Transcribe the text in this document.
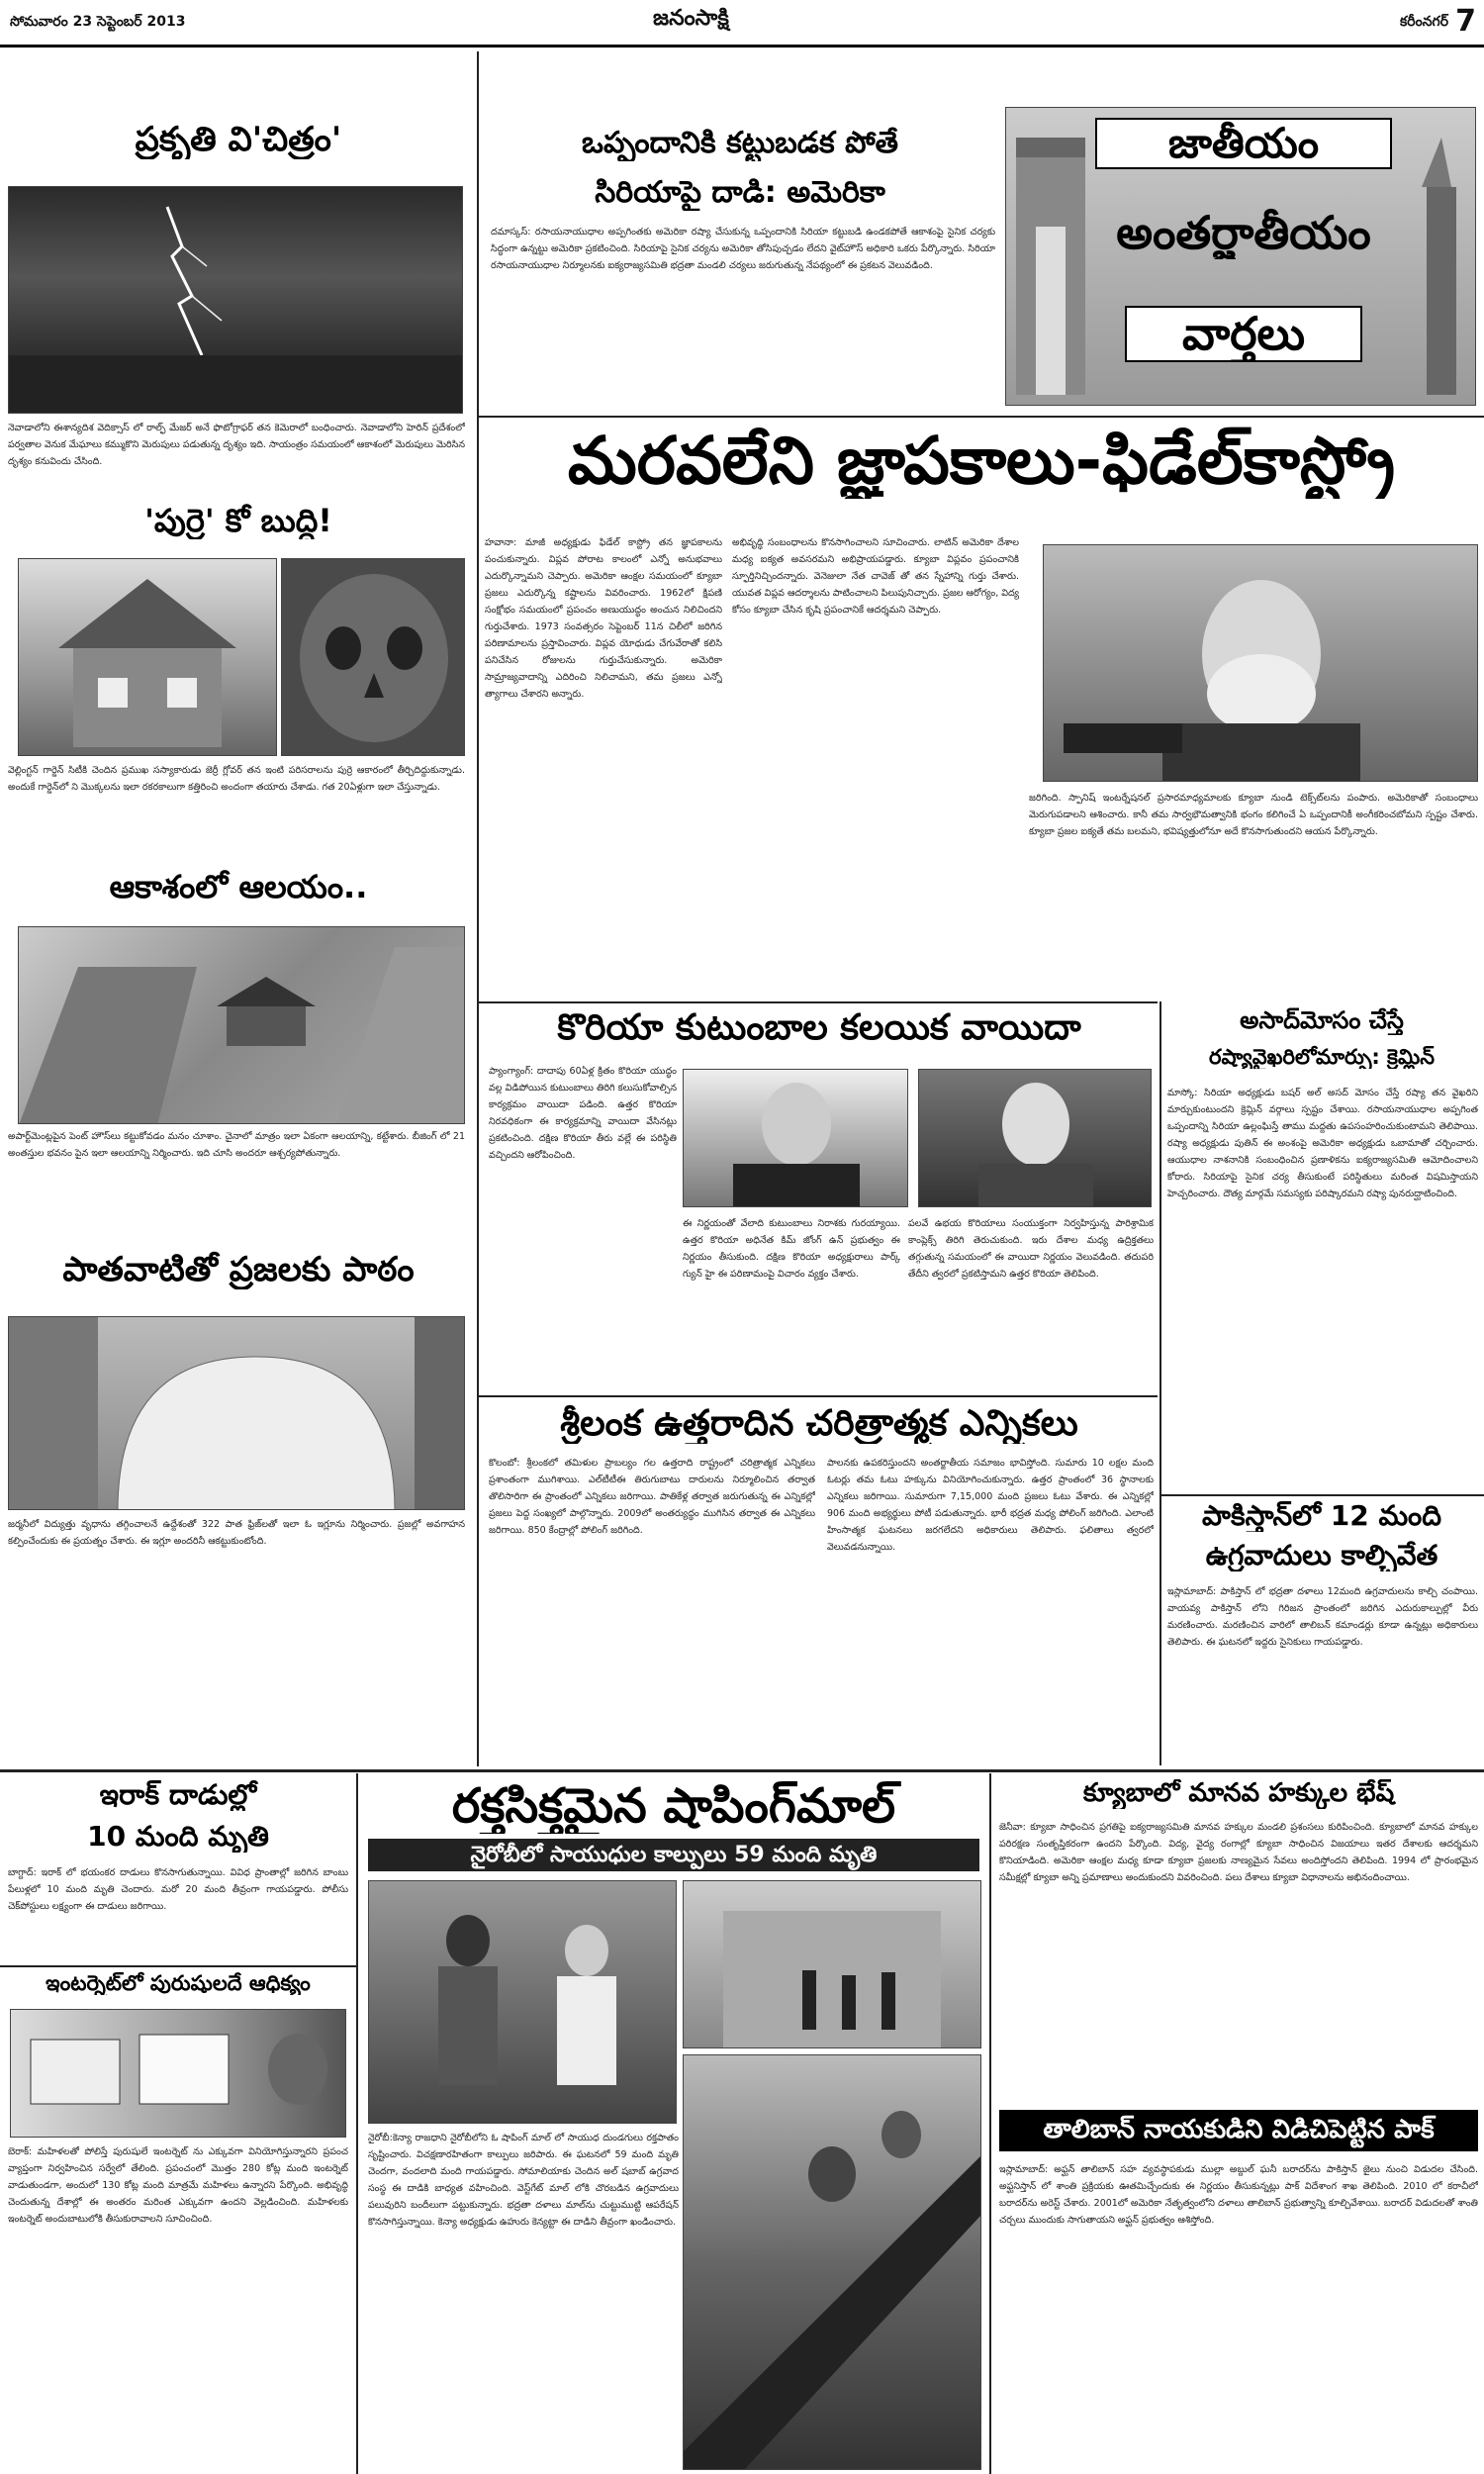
సోమవారం 23 సెప్టెంబర్ 2013	జనంసాక్షి	కరీంనగర్ 7
ప్రకృతి వి'చిత్రం'
నెవాడాలోని ఈశాన్యదిశ వెదిక్సాస్ లో రాల్ఫ్ మేజర్ అనే ఫొటోగ్రాఫర్ తన కెమెరాలో బంధించారు. నెవాడాలోని హెరిన్ ప్రదేశంలో పర్వతాల వెనుక మేఘాలు కమ్ముకొని మెరుపులు పడుతున్న దృశ్యం ఇది. సాయంత్రం సమయంలో ఆకాశంలో మెరుపులు మెరిసిన దృశ్యం కనువిందు చేసింది.
'పుర్రె' కో బుద్ధి!
వెల్లింగ్టన్ గార్డెన్ సిటీకి చెందిన ప్రముఖ సస్యాకారుడు జెర్రీ గ్లోవర్ తన ఇంటి పరిసరాలను పుర్రె ఆకారంలో తీర్చిదిద్దుకున్నాడు. అందుకే గార్డెన్‌లో ని మొక్కలను ఇలా రకరకాలుగా కత్తిరించి అందంగా తయారు చేశాడు. గత 20ఏళ్లుగా ఇలా చేస్తున్నాడు.
ఆకాశంలో ఆలయం..
అపార్ట్‌మెంట్లపైన పెంట్ హౌస్‌లు కట్టుకోవడం మనం చూశాం. చైనాలో మాత్రం ఇలా ఏకంగా ఆలయాన్ని, కట్టేశారు. బీజింగ్ లో 21 అంతస్తుల భవనం పైన ఇలా ఆలయాన్ని నిర్మించారు. ఇది చూసి అందరూ ఆశ్చర్యపోతున్నారు.
పాతవాటితో ప్రజలకు పాఠం
జర్మనీలో విద్యుత్తు వృధాను తగ్గించాలనే ఉద్దేశంతో 322 పాత ఫ్రిజ్‌లతో ఇలా ఓ ఇగ్లూను నిర్మించారు. ప్రజల్లో అవగాహన కల్పించేందుకు ఈ ప్రయత్నం చేశారు. ఈ ఇగ్లూ అందరినీ ఆకట్టుకుంటోంది.
ఒప్పందానికి కట్టుబడక పోతే
సిరియాపై దాడి: అమెరికా
దమాస్కస్: రసాయనాయుధాల అప్పగింతకు అమెరికా రష్యా చేసుకున్న ఒప్పందానికి సిరియా కట్టుబడి ఉండకపోతే ఆకాశంపై సైనిక చర్యకు సిద్ధంగా ఉన్నట్టు అమెరికా ప్రకటించింది. సిరియాపై సైనిక చర్యను అమెరికా తోసిపుచ్చడం లేదని వైట్‌హౌస్ అధికారి ఒకరు పేర్కొన్నారు. సిరియా రసాయనాయుధాల నిర్మూలనకు ఐక్యరాజ్యసమితి భద్రతా మండలి చర్యలు జరుగుతున్న నేపథ్యంలో ఈ ప్రకటన వెలువడింది.
జాతీయం
అంతర్జాతీయం
వార్తలు
మరవలేని జ్ఞాపకాలు-ఫిడేల్‌కాస్ట్రో
హవానా: మాజీ అధ్యక్షుడు ఫిడేల్ కాస్ట్రో తన జ్ఞాపకాలను పంచుకున్నారు. విప్లవ పోరాట కాలంలో ఎన్నో అనుభవాలు ఎదుర్కొన్నామని చెప్పారు. అమెరికా ఆంక్షల సమయంలో క్యూబా ప్రజలు ఎదుర్కొన్న కష్టాలను వివరించారు. 1962లో క్షిపణి సంక్షోభం సమయంలో ప్రపంచం అణుయుద్ధం అంచున నిలిచిందని గుర్తుచేశారు. 1973 సంవత్సరం సెప్టెంబర్ 11న చిలీలో జరిగిన పరిణామాలను ప్రస్తావించారు. విప్లవ యోధుడు చేగువేరాతో కలిసి పనిచేసిన రోజులను గుర్తుచేసుకున్నారు. అమెరికా సామ్రాజ్యవాదాన్ని ఎదిరించి నిలిచామని, తమ ప్రజలు ఎన్నో త్యాగాలు చేశారని అన్నారు.
అభివృద్ధి సంబంధాలను కొనసాగించాలని సూచించారు. లాటిన్ అమెరికా దేశాల మధ్య ఐక్యత అవసరమని అభిప్రాయపడ్డారు. క్యూబా విప్లవం ప్రపంచానికి స్ఫూర్తినిచ్చిందన్నారు. వెనెజులా నేత చావెజ్ తో తన స్నేహాన్ని గుర్తు చేశారు. యువత విప్లవ ఆదర్శాలను పాటించాలని పిలుపునిచ్చారు. ప్రజల ఆరోగ్యం, విద్య కోసం క్యూబా చేసిన కృషి ప్రపంచానికే ఆదర్శమని చెప్పారు.
జరిగింది. స్పానిష్ ఇంటర్నేషనల్ ప్రసారమాధ్యమాలకు క్యూబా నుండి టెక్స్‌ట్‌లను పంపారు. అమెరికాతో సంబంధాలు మెరుగుపడాలని ఆశించారు. కానీ తమ సార్వభౌమత్వానికి భంగం కలిగించే ఏ ఒప్పందానికీ అంగీకరించబోమని స్పష్టం చేశారు. క్యూబా ప్రజల ఐక్యతే తమ బలమని, భవిష్యత్తులోనూ అదే కొనసాగుతుందని ఆయన పేర్కొన్నారు.
కొరియా కుటుంబాల కలయిక వాయిదా
ప్యాంగ్యాంగ్: దాదాపు 60ఏళ్ల క్రితం కొరియా యుద్ధం వల్ల విడిపోయిన కుటుంబాలు తిరిగి కలుసుకోవాల్సిన కార్యక్రమం వాయిదా పడింది. ఉత్తర కొరియా నిరవధికంగా ఈ కార్యక్రమాన్ని వాయిదా వేసినట్లు ప్రకటించింది. దక్షిణ కొరియా తీరు వల్లే ఈ పరిస్థితి వచ్చిందని ఆరోపించింది.
ఈ నిర్ణయంతో వేలాది కుటుంబాలు నిరాశకు గురయ్యాయి. ఉత్తర కొరియా అధినేత కిమ్ జోంగ్ ఉన్ ప్రభుత్వం ఈ నిర్ణయం తీసుకుంది. దక్షిణ కొరియా అధ్యక్షురాలు పార్క్ గ్యున్ హై ఈ పరిణామంపై విచారం వ్యక్తం చేశారు.
పలవే ఉభయ కొరియాలు సంయుక్తంగా నిర్వహిస్తున్న పారిశ్రామిక కాంప్లెక్స్ తిరిగి తెరుచుకుంది. ఇరు దేశాల మధ్య ఉద్రిక్తతలు తగ్గుతున్న సమయంలో ఈ వాయిదా నిర్ణయం వెలువడింది. తదుపరి తేదీని త్వరలో ప్రకటిస్తామని ఉత్తర కొరియా తెలిపింది.
శ్రీలంక ఉత్తరాదిన చరిత్రాత్మక ఎన్నికలు
కొలంబో: శ్రీలంకలో తమిళుల ప్రాబల్యం గల ఉత్తరాది రాష్ట్రంలో చరిత్రాత్మక ఎన్నికలు ప్రశాంతంగా ముగిశాయి. ఎల్‌టీటీఈ తిరుగుబాటు దారులను నిర్మూలించిన తర్వాత తొలిసారిగా ఈ ప్రాంతంలో ఎన్నికలు జరిగాయి. పాతికేళ్ల తర్వాత జరుగుతున్న ఈ ఎన్నికల్లో ప్రజలు పెద్ద సంఖ్యలో పాల్గొన్నారు. 2009లో అంతర్యుద్ధం ముగిసిన తర్వాత ఈ ఎన్నికలు జరిగాయి. 850 కేంద్రాల్లో పోలింగ్ జరిగింది.
పాలనకు ఉపకరిస్తుందని అంతర్జాతీయ సమాజం భావిస్తోంది. సుమారు 10 లక్షల మంది ఓటర్లు తమ ఓటు హక్కును వినియోగించుకున్నారు. ఉత్తర ప్రాంతంలో 36 స్థానాలకు ఎన్నికలు జరిగాయి. సుమారుగా 7,15,000 మంది ప్రజలు ఓటు వేశారు. ఈ ఎన్నికల్లో 906 మంది అభ్యర్థులు పోటీ పడుతున్నారు. భారీ భద్రత మధ్య పోలింగ్ జరిగింది. ఎలాంటి హింసాత్మక ఘటనలు జరగలేదని అధికారులు తెలిపారు. ఫలితాలు త్వరలో వెలువడనున్నాయి.
అసాద్‌మోసం చేస్తే
రష్యావైఖరిలోమార్పు: క్రెమ్లిన్
మాస్కో: సిరియా అధ్యక్షుడు బషర్ అల్ అసద్ మోసం చేస్తే రష్యా తన వైఖరిని మార్చుకుంటుందని క్రెమ్లిన్ వర్గాలు స్పష్టం చేశాయి. రసాయనాయుధాల అప్పగింత ఒప్పందాన్ని సిరియా ఉల్లంఘిస్తే తాము మద్దతు ఉపసంహరించుకుంటామని తెలిపాయి. రష్యా అధ్యక్షుడు పుతిన్ ఈ అంశంపై అమెరికా అధ్యక్షుడు ఒబామాతో చర్చించారు. ఆయుధాల నాశనానికి సంబంధించిన ప్రణాళికను ఐక్యరాజ్యసమితి ఆమోదించాలని కోరారు. సిరియాపై సైనిక చర్య తీసుకుంటే పరిస్థితులు మరింత విషమిస్తాయని హెచ్చరించారు. దౌత్య మార్గమే సమస్యకు పరిష్కారమని రష్యా పునరుద్ఘాటించింది.
పాకిస్తాన్‌లో 12 మంది
ఉగ్రవాదులు కాల్చివేత
ఇస్లామాబాద్: పాకిస్తాన్ లో భద్రతా దళాలు 12మంది ఉగ్రవాదులను కాల్చి చంపాయి. వాయవ్య పాకిస్తాన్ లోని గిరిజన ప్రాంతంలో జరిగిన ఎదురుకాల్పుల్లో వీరు మరణించారు. మరణించిన వారిలో తాలిబన్ కమాండర్లు కూడా ఉన్నట్లు అధికారులు తెలిపారు. ఈ ఘటనలో ఇద్దరు సైనికులు గాయపడ్డారు.
ఇరాక్ దాడుల్లో
10 మంది మృతి
బాగ్దాద్: ఇరాక్ లో భయంకర దాడులు కొనసాగుతున్నాయి. వివిధ ప్రాంతాల్లో జరిగిన బాంబు పేలుళ్లలో 10 మంది మృతి చెందారు. మరో 20 మంది తీవ్రంగా గాయపడ్డారు. పోలీసు చెక్‌పోస్టులు లక్ష్యంగా ఈ దాడులు జరిగాయి.
ఇంటర్నెట్‌లో పురుషులదే ఆధిక్యం
బెరాక్: మహిళలతో పోలిస్తే పురుషులే ఇంటర్నెట్ ను ఎక్కువగా వినియోగిస్తున్నారని ప్రపంచ వ్యాప్తంగా నిర్వహించిన సర్వేలో తేలింది. ప్రపంచంలో మొత్తం 280 కోట్ల మంది ఇంటర్నెట్ వాడుతుండగా, అందులో 130 కోట్ల మంది మాత్రమే మహిళలు ఉన్నారని పేర్కొంది. అభివృద్ధి చెందుతున్న దేశాల్లో ఈ అంతరం మరింత ఎక్కువగా ఉందని వెల్లడించింది. మహిళలకు ఇంటర్నెట్ అందుబాటులోకి తీసుకురావాలని సూచించింది.
రక్తసిక్తమైన షాపింగ్‌మాల్
నైరోబీలో సాయుధుల కాల్పులు 59 మంది మృతి
నైరోబీ:కెన్యా రాజధాని నైరోబీలోని ఓ షాపింగ్ మాల్ లో సాయుధ దుండగులు రక్తపాతం సృష్టించారు. విచక్షణారహితంగా కాల్పులు జరిపారు. ఈ ఘటనలో 59 మంది మృతి చెందగా, వందలాది మంది గాయపడ్డారు. సోమాలియాకు చెందిన అల్ షబాబ్ ఉగ్రవాద సంస్థ ఈ దాడికి బాధ్యత వహించింది. వెస్ట్‌గేట్ మాల్ లోకి చొరబడిన ఉగ్రవాదులు పలువురిని బందీలుగా పట్టుకున్నారు. భద్రతా దళాలు మాల్‌ను చుట్టుముట్టి ఆపరేషన్ కొనసాగిస్తున్నాయి. కెన్యా అధ్యక్షుడు ఉహురు కెన్యట్టా ఈ దాడిని తీవ్రంగా ఖండించారు.
క్యూబాలో మానవ హక్కుల భేష్
జెనీవా: క్యూబా సాధించిన ప్రగతిపై ఐక్యరాజ్యసమితి మానవ హక్కుల మండలి ప్రశంసలు కురిపించింది. క్యూబాలో మానవ హక్కుల పరిరక్షణ సంతృప్తికరంగా ఉందని పేర్కొంది. విద్య, వైద్య రంగాల్లో క్యూబా సాధించిన విజయాలు ఇతర దేశాలకు ఆదర్శమని కొనియాడింది. అమెరికా ఆంక్షల మధ్య కూడా క్యూబా ప్రజలకు నాణ్యమైన సేవలు అందిస్తోందని తెలిపింది. 1994 లో ప్రారంభమైన సమీక్షల్లో క్యూబా అన్ని ప్రమాణాలు అందుకుందని వివరించింది. పలు దేశాలు క్యూబా విధానాలను అభినందించాయి.
తాలిబాన్ నాయకుడిని విడిచిపెట్టిన పాక్
ఇస్లామాబాద్: అఫ్ఘన్ తాలిబాన్ సహ వ్యవస్థాపకుడు ముల్లా అబ్దుల్ ఘనీ బరాదర్‌ను పాకిస్తాన్ జైలు నుంచి విడుదల చేసింది. అఫ్ఘనిస్తాన్ లో శాంతి ప్రక్రియకు ఊతమిచ్చేందుకు ఈ నిర్ణయం తీసుకున్నట్లు పాక్ విదేశాంగ శాఖ తెలిపింది. 2010 లో కరాచీలో బరాదర్‌ను అరెస్ట్ చేశారు. 2001లో అమెరికా నేతృత్వంలోని దళాలు తాలిబాన్ ప్రభుత్వాన్ని కూల్చివేశాయి. బరాదర్ విడుదలతో శాంతి చర్చలు ముందుకు సాగుతాయని అఫ్ఘన్ ప్రభుత్వం ఆశిస్తోంది.
